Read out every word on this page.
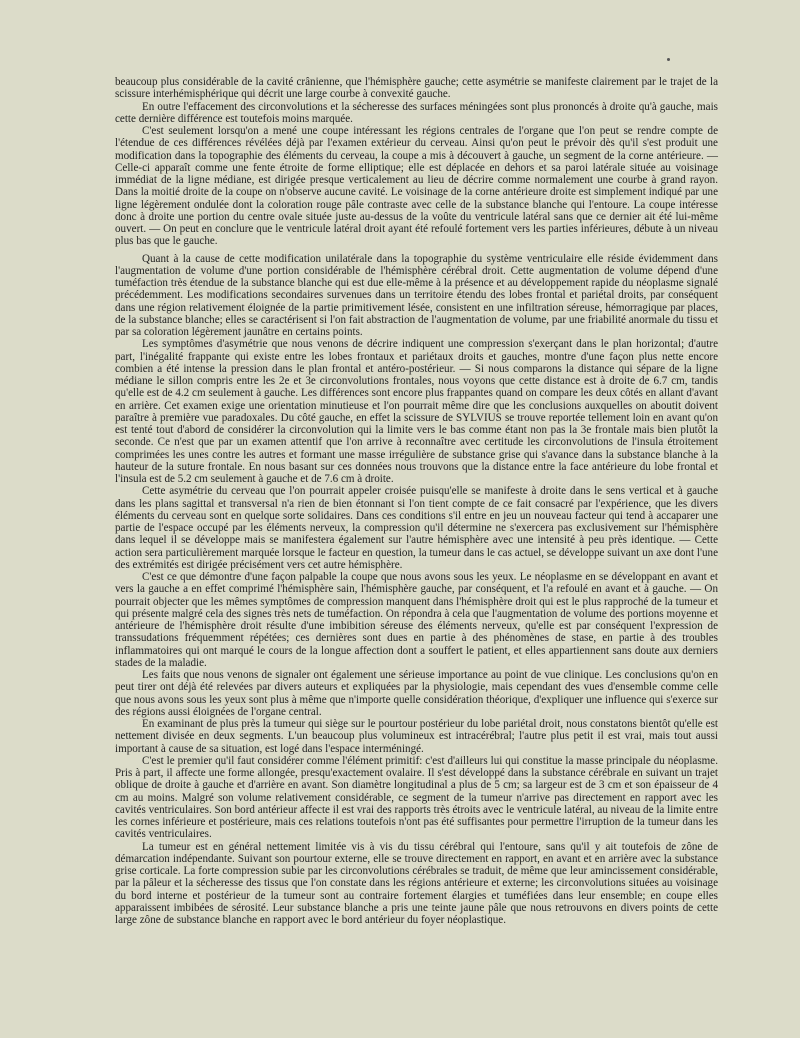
beaucoup plus considérable de la cavité crânienne, que l'hémisphère gauche; cette asymétrie se manifeste clairement par le trajet de la scissure interhémisphérique qui décrit une large courbe à convexité gauche.

En outre l'effacement des circonvolutions et la sécheresse des surfaces méningées sont plus prononcés à droite qu'à gauche, mais cette dernière différence est toutefois moins marquée.

C'est seulement lorsqu'on a mené une coupe intéressant les régions centrales de l'organe que l'on peut se rendre compte de l'étendue de ces différences révélées déjà par l'examen extérieur du cerveau. Ainsi qu'on peut le prévoir dès qu'il s'est produit une modification dans la topographie des éléments du cerveau, la coupe a mis à découvert à gauche, un segment de la corne antérieure. — Celle-ci apparaît comme une fente étroite de forme elliptique; elle est déplacée en dehors et sa paroi latérale située au voisinage immédiat de la ligne médiane, est dirigée presque verticalement au lieu de décrire comme normalement une courbe à grand rayon. Dans la moitié droite de la coupe on n'observe aucune cavité. Le voisinage de la corne antérieure droite est simplement indiqué par une ligne légèrement ondulée dont la coloration rouge pâle contraste avec celle de la substance blanche qui l'entoure. La coupe intéresse donc à droite une portion du centre ovale située juste au-dessus de la voûte du ventricule latéral sans que ce dernier ait été lui-même ouvert. — On peut en conclure que le ventricule latéral droit ayant été refoulé fortement vers les parties inférieures, débute à un niveau plus bas que le gauche.

Quant à la cause de cette modification unilatérale dans la topographie du système ventriculaire elle réside évidemment dans l'augmentation de volume d'une portion considérable de l'hémisphère cérébral droit. Cette augmentation de volume dépend d'une tuméfaction très étendue de la substance blanche qui est due elle-même à la présence et au développement rapide du néoplasme signalé précédemment. Les modifications secondaires survenues dans un territoire étendu des lobes frontal et pariétal droits, par conséquent dans une région relativement éloignée de la partie primitivement lésée, consistent en une infiltration séreuse, hémorragique par places, de la substance blanche; elles se caractérisent si l'on fait abstraction de l'augmentation de volume, par une friabilité anormale du tissu et par sa coloration légèrement jaunâtre en certains points.

Les symptômes d'asymétrie que nous venons de décrire indiquent une compression s'exerçant dans le plan horizontal; d'autre part, l'inégalité frappante qui existe entre les lobes frontaux et pariétaux droits et gauches, montre d'une façon plus nette encore combien a été intense la pression dans le plan frontal et antéro-postérieur. — Si nous comparons la distance qui sépare de la ligne médiane le sillon compris entre les 2e et 3e circonvolutions frontales, nous voyons que cette distance est à droite de 6.7 cm, tandis qu'elle est de 4.2 cm seulement à gauche. Les différences sont encore plus frappantes quand on compare les deux côtés en allant d'avant en arrière. Cet examen exige une orientation minutieuse et l'on pourrait même dire que les conclusions auxquelles on aboutit doivent paraître à première vue paradoxales. Du côté gauche, en effet la scissure de SYLVIUS se trouve reportée tellement loin en avant qu'on est tenté tout d'abord de considérer la circonvolution qui la limite vers le bas comme étant non pas la 3e frontale mais bien plutôt la seconde. Ce n'est que par un examen attentif que l'on arrive à reconnaître avec certitude les circonvolutions de l'insula étroitement comprimées les unes contre les autres et formant une masse irrégulière de substance grise qui s'avance dans la substance blanche à la hauteur de la suture frontale. En nous basant sur ces données nous trouvons que la distance entre la face antérieure du lobe frontal et l'insula est de 5.2 cm seulement à gauche et de 7.6 cm à droite.

Cette asymétrie du cerveau que l'on pourrait appeler croisée puisqu'elle se manifeste à droite dans le sens vertical et à gauche dans les plans sagittal et transversal n'a rien de bien étonnant si l'on tient compte de ce fait consacré par l'expérience, que les divers éléments du cerveau sont en quelque sorte solidaires. Dans ces conditions s'il entre en jeu un nouveau facteur qui tend à accaparer une partie de l'espace occupé par les éléments nerveux, la compression qu'il détermine ne s'exercera pas exclusivement sur l'hémisphère dans lequel il se développe mais se manifestera également sur l'autre hémisphère avec une intensité à peu près identique. — Cette action sera particulièrement marquée lorsque le facteur en question, la tumeur dans le cas actuel, se développe suivant un axe dont l'une des extrémités est dirigée précisément vers cet autre hémisphère.

C'est ce que démontre d'une façon palpable la coupe que nous avons sous les yeux. Le néoplasme en se développant en avant et vers la gauche a en effet comprimé l'hémisphère sain, l'hémisphère gauche, par conséquent, et l'a refoulé en avant et à gauche. — On pourrait objecter que les mêmes symptômes de compression manquent dans l'hémisphère droit qui est le plus rapproché de la tumeur et qui présente malgré cela des signes très nets de tuméfaction. On répondra à cela que l'augmentation de volume des portions moyenne et antérieure de l'hémisphère droit résulte d'une imbibition séreuse des éléments nerveux, qu'elle est par conséquent l'expression de transsudations fréquemment répétées; ces dernières sont dues en partie à des phénomènes de stase, en partie à des troubles inflammatoires qui ont marqué le cours de la longue affection dont a souffert le patient, et elles appartiennent sans doute aux derniers stades de la maladie.

Les faits que nous venons de signaler ont également une sérieuse importance au point de vue clinique. Les conclusions qu'on en peut tirer ont déjà été relevées par divers auteurs et expliquées par la physiologie, mais cependant des vues d'ensemble comme celle que nous avons sous les yeux sont plus à même que n'importe quelle considération théorique, d'expliquer une influence qui s'exerce sur des régions aussi éloignées de l'organe central.

En examinant de plus près la tumeur qui siège sur le pourtour postérieur du lobe pariétal droit, nous constatons bientôt qu'elle est nettement divisée en deux segments. L'un beaucoup plus volumineux est intracérébral; l'autre plus petit il est vrai, mais tout aussi important à cause de sa situation, est logé dans l'espace interméningé.

C'est le premier qu'il faut considérer comme l'élément primitif: c'est d'ailleurs lui qui constitue la masse principale du néoplasme. Pris à part, il affecte une forme allongée, presqu'exactement ovalaire. Il s'est développé dans la substance cérébrale en suivant un trajet oblique de droite à gauche et d'arrière en avant. Son diamètre longitudinal a plus de 5 cm; sa largeur est de 3 cm et son épaisseur de 4 cm au moins. Malgré son volume relativement considérable, ce segment de la tumeur n'arrive pas directement en rapport avec les cavités ventriculaires. Son bord antérieur affecte il est vrai des rapports très étroits avec le ventricule latéral, au niveau de la limite entre les cornes inférieure et postérieure, mais ces relations toutefois n'ont pas été suffisantes pour permettre l'irruption de la tumeur dans les cavités ventriculaires.

La tumeur est en général nettement limitée vis à vis du tissu cérébral qui l'entoure, sans qu'il y ait toutefois de zône de démarcation indépendante. Suivant son pourtour externe, elle se trouve directement en rapport, en avant et en arrière avec la substance grise corticale. La forte compression subie par les circonvolutions cérébrales se traduit, de même que leur amincissement considérable, par la pâleur et la sécheresse des tissus que l'on constate dans les régions antérieure et externe; les circonvolutions situées au voisinage du bord interne et postérieur de la tumeur sont au contraire fortement élargies et tuméfiées dans leur ensemble; en coupe elles apparaissent imbibées de sérosité. Leur substance blanche a pris une teinte jaune pâle que nous retrouvons en divers points de cette large zône de substance blanche en rapport avec le bord antérieur du foyer néoplastique.
